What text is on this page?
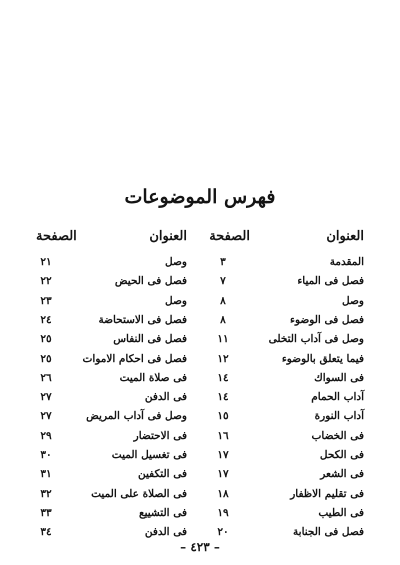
فهرس الموضوعات
العنوان
الصفحة
العنوان
الصفحة
المقدمة
٣
وصل
٢١
فصل فى المياء
٧
فصل فى الحيض
٢٢
وصل
٨
وصل
٢٣
فصل فى الوضوء
٨
فصل فى الاستحاضة
٢٤
وصل فى آداب التخلى
١١
فصل فى النفاس
٢٥
فيما يتعلق بالوضوء
١٢
فصل فى احكام الاموات
٢٥
فى السواك
١٤
فى صلاة الميت
٢٦
آداب الحمام
١٤
فى الدفن
٢٧
آداب النورة
١٥
وصل فى آداب المريض
٢٧
فى الخضاب
١٦
فى الاحتضار
٢٩
فى الكحل
١٧
فى تغسيل الميت
٣٠
فى الشعر
١٧
فى التكفين
٣١
فى تقليم الاظفار
١٨
فى الصلاة على الميت
٣٢
فى الطيب
١٩
فى التشييع
٣٣
فصل فى الجنابة
٢٠
فى الدفن
٣٤
– ٤٢٣ –
